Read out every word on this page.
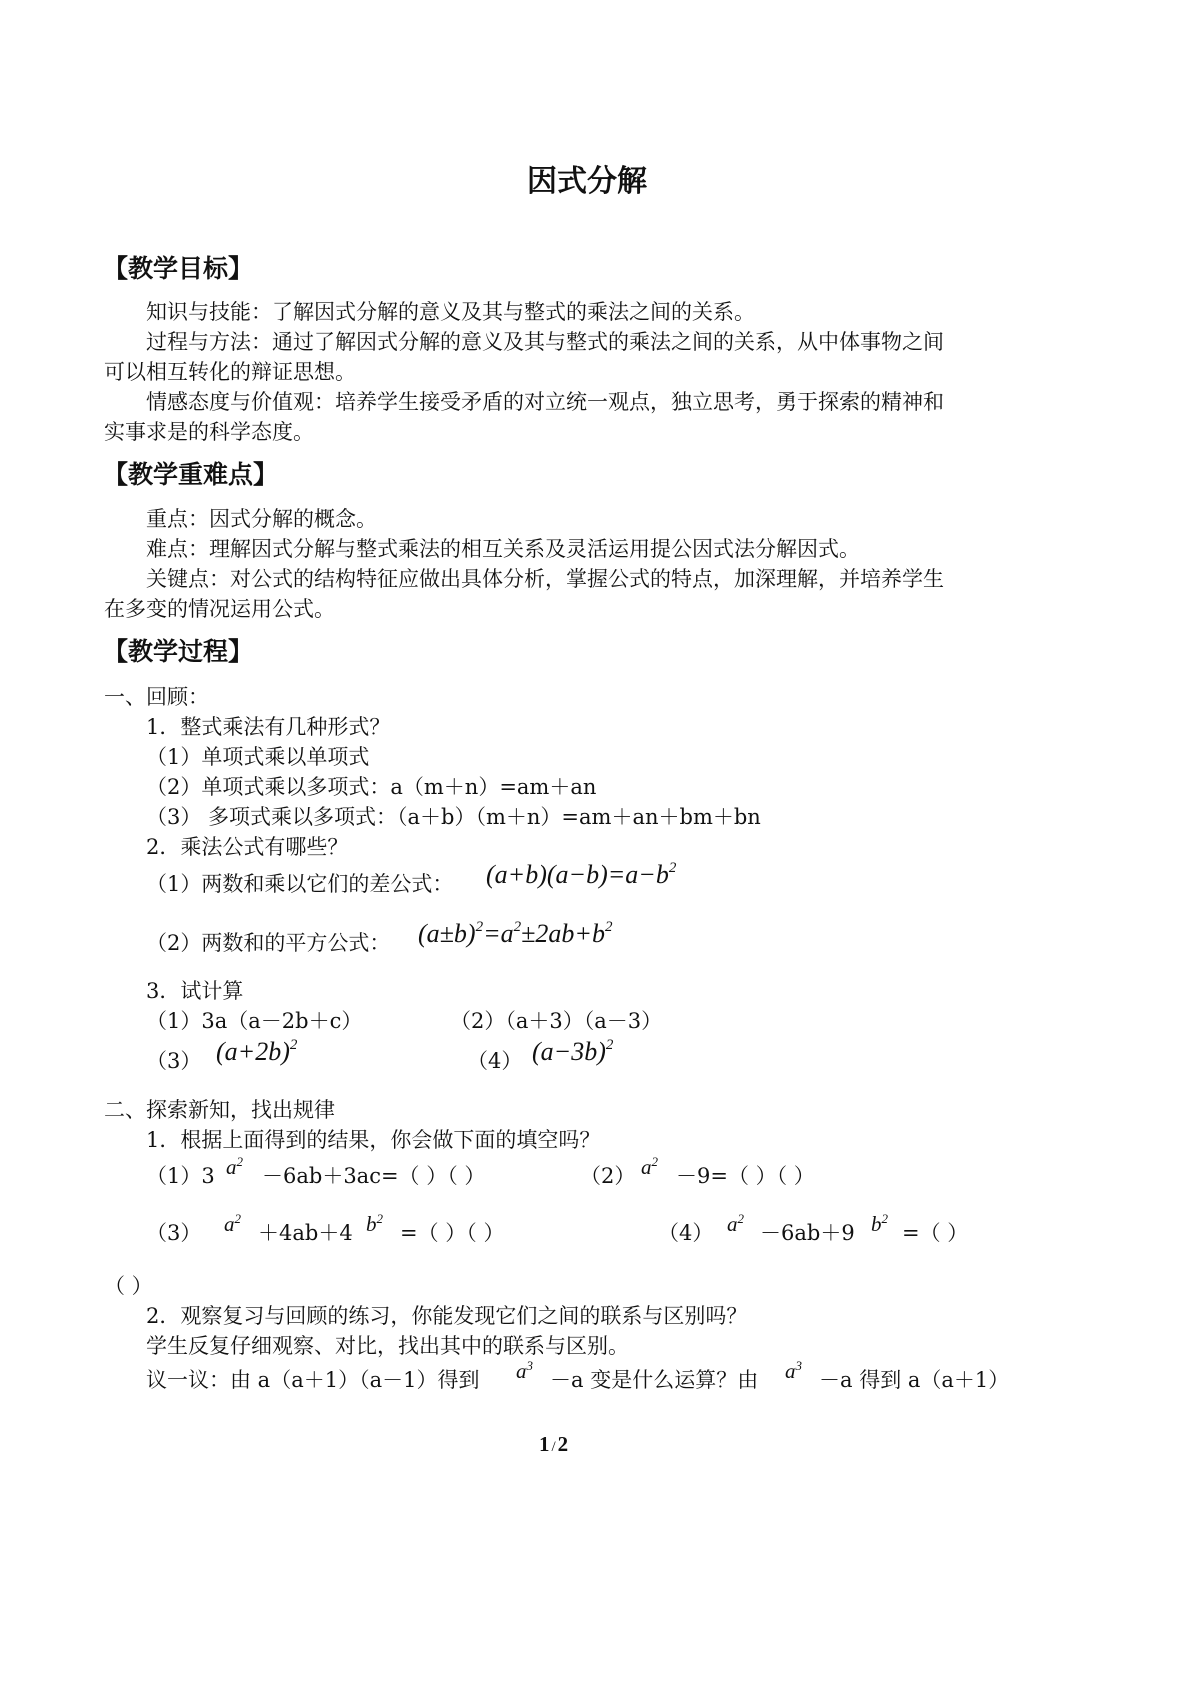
因式分解
【教学目标】
知识与技能：了解因式分解的意义及其与整式的乘法之间的关系。
过程与方法：通过了解因式分解的意义及其与整式的乘法之间的关系，从中体事物之间
可以相互转化的辩证思想。
情感态度与价值观：培养学生接受矛盾的对立统一观点，独立思考，勇于探索的精神和
实事求是的科学态度。
【教学重难点】
重点：因式分解的概念。
难点：理解因式分解与整式乘法的相互关系及灵活运用提公因式法分解因式。
关键点：对公式的结构特征应做出具体分析，掌握公式的特点，加深理解，并培养学生
在多变的情况运用公式。
【教学过程】
一、回顾：
1．整式乘法有几种形式？
（1）单项式乘以单项式
（2）单项式乘以多项式：a（m＋n）=am＋an
（3） 多项式乘以多项式：（a＋b）（m＋n）=am＋an＋bm＋bn
2．乘法公式有哪些？
（1）两数和乘以它们的差公式： $(a+b)(a-b)=a-b^2$
（2）两数和的平方公式： $(a\pm b)^2=a^2\pm 2ab+b^2$
3．试计算
（1）3a（a－2b＋c）	（2）（a＋3）（a－3）
（3） $(a+2b)^2$
（4） $(a-3b)^2$
二、探索新知，找出规律
1．根据上面得到的结果，你会做下面的填空吗？
（1）3 $a^2$
－6ab＋3ac=（ ）（ ）	（2） $a^2$
－9=（ ）（ ）
（3） $a^2$
＋4ab＋4 $b^2$
=（ ）（ ）	（4） $a^2$
－6ab＋9 $b^2$
=（ ）
（ ）
2．观察复习与回顾的练习，你能发现它们之间的联系与区别吗？
学生反复仔细观察、对比，找出其中的联系与区别。
议一议：由 a（a＋1）（a－1）得到 $a^3$
－a 变是什么运算？由 $a^3$
－a 得到 a（a＋1）
1 /2
